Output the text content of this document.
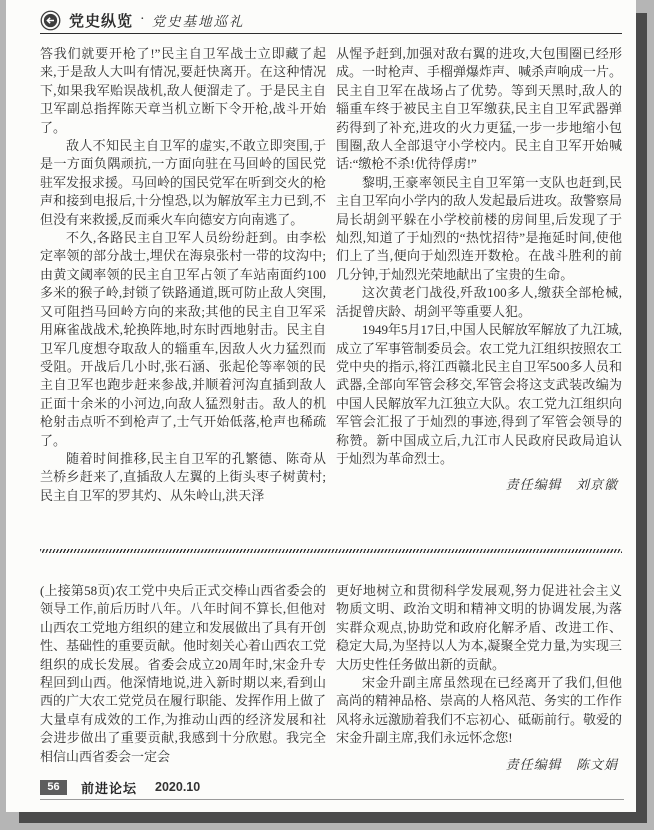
党史纵览 · 党史基地巡礼

答我们就要开枪了!”民主自卫军战士立即藏了起来,于是敌人大叫有情况,要赶快离开。在这种情况下,如果我军贻误战机,敌人便溜走了。于是民主自卫军副总指挥陈天章当机立断下令开枪,战斗开始了。

敌人不知民主自卫军的虚实,不敢立即突围,于是一方面负隅顽抗,一方面向驻在马回岭的国民党驻军发报求援。马回岭的国民党军在听到交火的枪声和接到电报后,十分惶恐,以为解放军主力已到,不但没有来救援,反而乘火车向德安方向南逃了。

不久,各路民主自卫军人员纷纷赶到。由李松定率领的部分战士,埋伏在海泉张村一带的坟沟中;由黄文阈率领的民主自卫军占领了车站南面约100多米的猴子岭,封锁了铁路通道,既可防止敌人突围,又可阻挡马回岭方向的来敌;其他的民主自卫军采用麻雀战战术,轮换阵地,时东时西地射击。民主自卫军几度想夺取敌人的辎重车,因敌人火力猛烈而受阻。开战后几小时,张石涵、张起伦等率领的民主自卫军也跑步赶来参战,并顺着河沟直插到敌人正面十余米的小河边,向敌人猛烈射击。敌人的机枪射击点听不到枪声了,士气开始低落,枪声也稀疏了。

随着时间推移,民主自卫军的孔繁德、陈奇从兰桥乡赶来了,直插敌人左翼的上街头枣子树黄村;民主自卫军的罗其灼、从朱岭山,洪天泽

从惺予赶到,加强对敌右翼的进攻,大包围圈已经形成。一时枪声、手榴弹爆炸声、喊杀声响成一片。民主自卫军在战场占了优势。等到天黑时,敌人的辎重车终于被民主自卫军缴获,民主自卫军武器弹药得到了补充,进攻的火力更猛,一步一步地缩小包围圈,敌人全部退守小学校内。民主自卫军开始喊话:“缴枪不杀!优待俘虏!”

黎明,王豪率领民主自卫军第一支队也赶到,民主自卫军向小学内的敌人发起最后进攻。敌警察局局长胡剑平躲在小学校前楼的房间里,后发现了于灿烈,知道了于灿烈的“热忱招待”是拖延时间,使他们上了当,便向于灿烈连开数枪。在战斗胜利的前几分钟,于灿烈光荣地献出了宝贵的生命。

这次黄老门战役,歼敌100多人,缴获全部枪械,活捉曾庆龄、胡剑平等重要人犯。

1949年5月17日,中国人民解放军解放了九江城,成立了军事管制委员会。农工党九江组织按照农工党中央的指示,将江西赣北民主自卫军500多人员和武器,全部向军管会移交,军管会将这支武装改编为中国人民解放军九江独立大队。农工党九江组织向军管会汇报了于灿烈的事迹,得到了军管会领导的称赞。新中国成立后,九江市人民政府民政局追认于灿烈为革命烈士。

责任编辑 刘京徽

(上接第58页)农工党中央后正式交棒山西省委会的领导工作,前后历时八年。八年时间不算长,但他对山西农工党地方组织的建立和发展做出了具有开创性、基础性的重要贡献。他时刻关心着山西农工党组织的成长发展。省委会成立20周年时,宋金升专程回到山西。他深情地说,进入新时期以来,看到山西的广大农工党党员在履行职能、发挥作用上做了大量卓有成效的工作,为推动山西的经济发展和社会进步做出了重要贡献,我感到十分欣慰。我完全相信山西省委会一定会

更好地树立和贯彻科学发展观,努力促进社会主义物质文明、政治文明和精神文明的协调发展,为落实群众观点,协助党和政府化解矛盾、改进工作、稳定大局,为坚持以人为本,凝聚全党力量,为实现三大历史性任务做出新的贡献。

宋金升副主席虽然现在已经离开了我们,但他高尚的精神品格、崇高的人格风范、务实的工作作风将永远激励着我们不忘初心、砥砺前行。敬爱的宋金升副主席,我们永远怀念您!

责任编辑 陈文娟

56	前进论坛 2020.10
